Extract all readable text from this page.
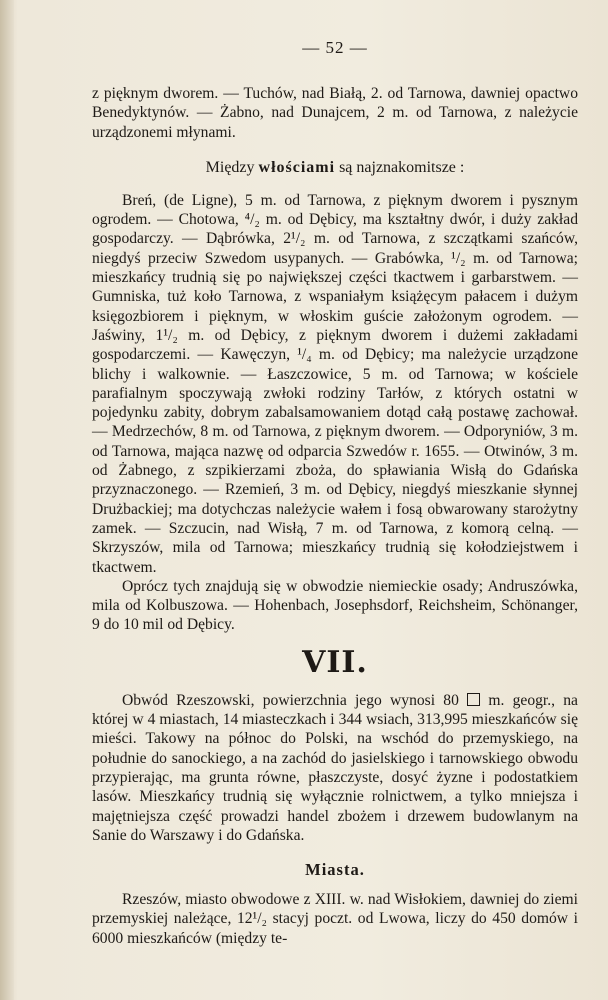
— 52 —

z pięknym dworem. — Tuchów, nad Białą, 2. od Tarnowa, dawniej opactwo Benedyktynów. — Żabno, nad Dunajcem, 2 m. od Tarnowa, z należycie urządzonemi młynami.

Między włościami są najznakomitsze :

Breń, (de Ligne), 5 m. od Tarnowa, z pięknym dworem i pysznym ogrodem. — Chotowa, ⁴/₂ m. od Dębicy, ma kształtny dwór, i duży zakład gospodarczy. — Dąbrówka, 2¹/₂ m. od Tarnowa, z szczątkami szańców, niegdyś przeciw Szwedom usypanych. — Grabówka, ¹/₂ m. od Tarnowa; mieszkańcy trudnią się po największej części tkactwem i garbarstwem. — Gumniska, tuż koło Tarnowa, z wspaniałym książęcym pałacem i dużym księgozbiorem i pięknym, w włoskim guście założonym ogrodem. — Jaświny, 1¹/₂ m. od Dębicy, z pięknym dworem i dużemi zakładami gospodarczemi. — Kawęczyn, ¹/₄ m. od Dębicy; ma należycie urządzone blichy i walkownie. — Łaszczowice, 5 m. od Tarnowa; w kościele parafialnym spoczywają zwłoki rodziny Tarłów, z których ostatni w pojedynku zabity, dobrym zabalsamowaniem dotąd całą postawę zachował. — Medrzechów, 8 m. od Tarnowa, z pięknym dworem. — Odporyniów, 3 m. od Tarnowa, mająca nazwę od odparcia Szwedów r. 1655. — Otwinów, 3 m. od Żabnego, z szpikierzami zboża, do spławiania Wisłą do Gdańska przyznaczonego. — Rzemień, 3 m. od Dębicy, niegdyś mieszkanie słynnej Drużbackiej; ma dotychczas należycie wałem i fosą obwarowany starożytny zamek. — Szczucin, nad Wisłą, 7 m. od Tarnowa, z komorą celną. — Skrzyszów, mila od Tarnowa; mieszkańcy trudnią się kołodziejstwem i tkactwem.

Oprócz tych znajdują się w obwodzie niemieckie osady; Andruszówka, mila od Kolbuszowa. — Hohenbach, Josephsdorf, Reichsheim, Schönanger, 9 do 10 mil od Dębicy.

VII.

Obwód Rzeszowski, powierzchnia jego wynosi 80  m. geogr., na której w 4 miastach, 14 miasteczkach i 344 wsiach, 313,995 mieszkańców się mieści. Takowy na północ do Polski, na wschód do przemyskiego, na południe do sanockiego, a na zachód do jasielskiego i tarnowskiego obwodu przypierając, ma grunta równe, płaszczyste, dosyć żyzne i podostatkiem lasów. Mieszkańcy trudnią się wyłącznie rolnictwem, a tylko mniejsza i majętniejsza część prowadzi handel zbożem i drzewem budowlanym na Sanie do Warszawy i do Gdańska.

Miasta.

Rzeszów, miasto obwodowe z XIII. w. nad Wisłokiem, dawniej do ziemi przemyskiej należące, 12¹/₂ stacyj poczt. od Lwowa, liczy do 450 domów i 6000 mieszkańców (między te-
